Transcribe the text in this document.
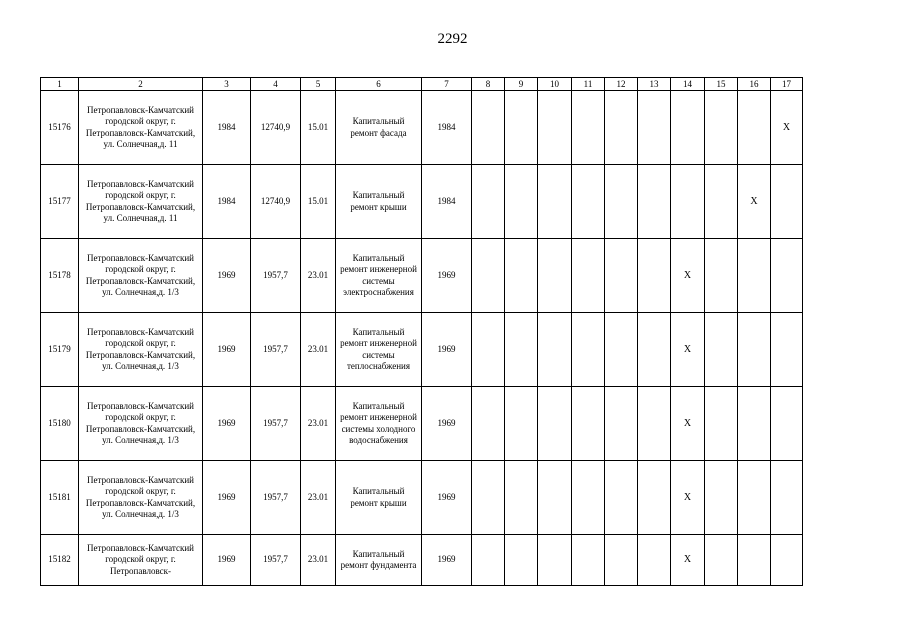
2292
1	2	3	4	5	6	7	8	9	10	11	12	13	14	15	16	17
15176	Петропавловск-Камчатский городской округ, г. Петропавловск-Камчатский, ул. Солнечная,д. 11	1984	12740,9	15.01	Капитальный ремонт фасада	1984										X
15177	Петропавловск-Камчатский городской округ, г. Петропавловск-Камчатский, ул. Солнечная,д. 11	1984	12740,9	15.01	Капитальный ремонт крыши	1984									X	
15178	Петропавловск-Камчатский городской округ, г. Петропавловск-Камчатский, ул. Солнечная,д. 1/3	1969	1957,7	23.01	Капитальный ремонт инженерной системы электроснабжения	1969							X			
15179	Петропавловск-Камчатский городской округ, г. Петропавловск-Камчатский, ул. Солнечная,д. 1/3	1969	1957,7	23.01	Капитальный ремонт инженерной системы теплоснабжения	1969							X			
15180	Петропавловск-Камчатский городской округ, г. Петропавловск-Камчатский, ул. Солнечная,д. 1/3	1969	1957,7	23.01	Капитальный ремонт инженерной системы холодного водоснабжения	1969							X			
15181	Петропавловск-Камчатский городской округ, г. Петропавловск-Камчатский, ул. Солнечная,д. 1/3	1969	1957,7	23.01	Капитальный ремонт крыши	1969							X			
15182	Петропавловск-Камчатский городской округ, г. Петропавловск-	1969	1957,7	23.01	Капитальный ремонт фундамента	1969							X			
